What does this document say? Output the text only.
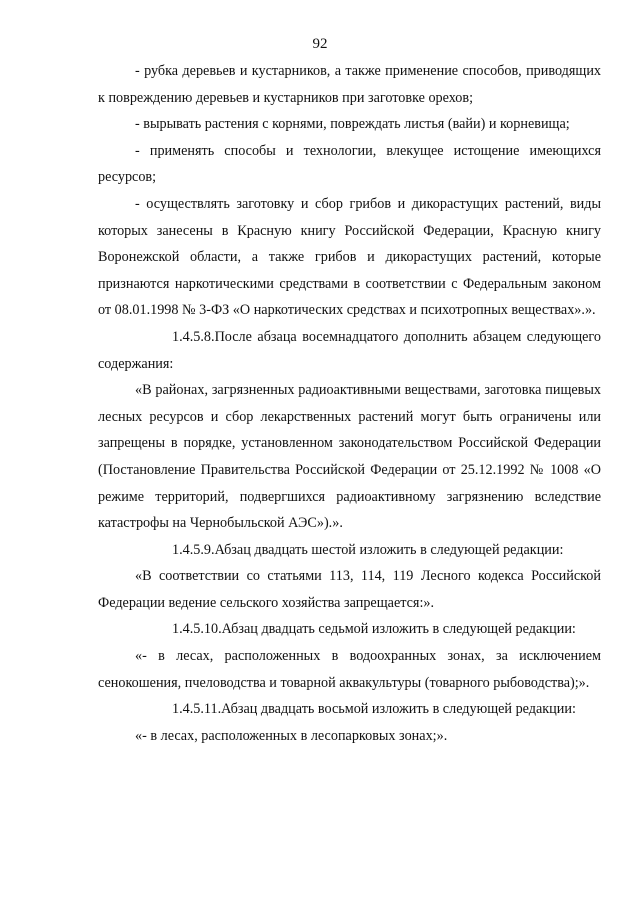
92

- рубка деревьев и кустарников, а также применение способов, приводящих к повреждению деревьев и кустарников при заготовке орехов;

- вырывать растения с корнями, повреждать листья (вайи) и корневища;

- применять способы и технологии, влекущее истощение имеющихся ресурсов;

- осуществлять заготовку и сбор грибов и дикорастущих растений, виды которых занесены в Красную книгу Российской Федерации, Красную книгу Воронежской области, а также грибов и дикорастущих растений, которые признаются наркотическими средствами в соответствии с Федеральным законом от 08.01.1998 № 3-ФЗ «О наркотических средствах и психотропных веществах».».

1.4.5.8.После абзаца восемнадцатого дополнить абзацем следующего содержания:

«В районах, загрязненных радиоактивными веществами, заготовка пищевых лесных ресурсов и сбор лекарственных растений могут быть ограничены или запрещены в порядке, установленном законодательством Российской Федерации (Постановление Правительства Российской Федерации от 25.12.1992 № 1008 «О режиме территорий, подвергшихся радиоактивному загрязнению вследствие катастрофы на Чернобыльской АЭС»).».

1.4.5.9.Абзац двадцать шестой изложить в следующей редакции:

«В соответствии со статьями 113, 114, 119 Лесного кодекса Российской Федерации ведение сельского хозяйства запрещается:».

1.4.5.10.Абзац двадцать седьмой изложить в следующей редакции:

«- в лесах, расположенных в водоохранных зонах, за исключением сенокошения, пчеловодства и товарной аквакультуры (товарного рыбоводства);».

1.4.5.11.Абзац двадцать восьмой изложить в следующей редакции:

«- в лесах, расположенных в лесопарковых зонах;».
